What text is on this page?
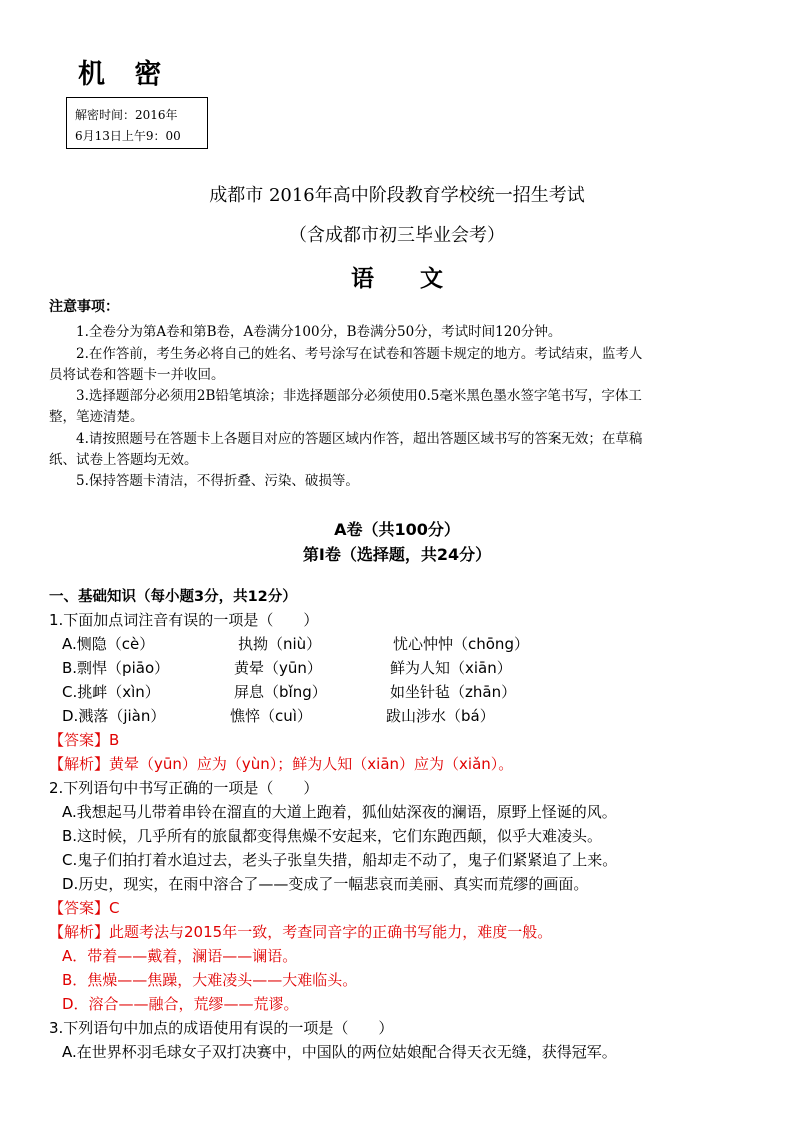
机 密
解密时间：2016年
6月13日上午9：00
成都市 2016年高中阶段教育学校统一招生考试
（含成都市初三毕业会考）
语　　文
注意事项：
1.全卷分为第A卷和第B卷，A卷满分100分，B卷满分50分，考试时间120分钟。
2.在作答前，考生务必将自己的姓名、考号涂写在试卷和答题卡规定的地方。考试结束，监考人
员将试卷和答题卡一并收回。
3.选择题部分必须用2B铅笔填涂；非选择题部分必须使用0.5毫米黑色墨水签字笔书写，字体工
整，笔迹清楚。
4.请按照题号在答题卡上各题目对应的答题区域内作答，超出答题区域书写的答案无效；在草稿
纸、试卷上答题均无效。
5.保持答题卡清洁，不得折叠、污染、破损等。
A卷（共100分）
第Ⅰ卷（选择题，共24分）
一、基础知识（每小题3分，共12分）
1.下面加点词注音有误的一项是（　　）
A.恻隐（cè）	执拗（niù）	忧心忡忡（chōng）
B.剽悍（piāo）	黄晕（yūn）	鲜为人知（xiān）
C.挑衅（xìn）	屏息（bǐng）	如坐针毡（zhān）
D.溅落（jiàn）	憔悴（cuì）	跋山涉水（bá）
【答案】B
【解析】黄晕（yūn）应为（yùn）；鲜为人知（xiān）应为（xiǎn）。
2.下列语句中书写正确的一项是（　　）
A.我想起马儿带着串铃在溜直的大道上跑着，狐仙姑深夜的澜语，原野上怪诞的风。
B.这时候，几乎所有的旅鼠都变得焦燥不安起来，它们东跑西颠，似乎大难凌头。
C.鬼子们拍打着水追过去，老头子张皇失措，船却走不动了，鬼子们紧紧追了上来。
D.历史，现实，在雨中溶合了——变成了一幅悲哀而美丽、真实而荒缪的画面。
【答案】C
【解析】此题考法与2015年一致，考查同音字的正确书写能力，难度一般。
A．带着——戴着，澜语——谰语。
B．焦燥——焦躁，大难凌头——大难临头。
D．溶合——融合，荒缪——荒谬。
3.下列语句中加点的成语使用有误的一项是（　　）
A.在世界杯羽毛球女子双打决赛中，中国队的两位姑娘配合得天衣无缝，获得冠军。
